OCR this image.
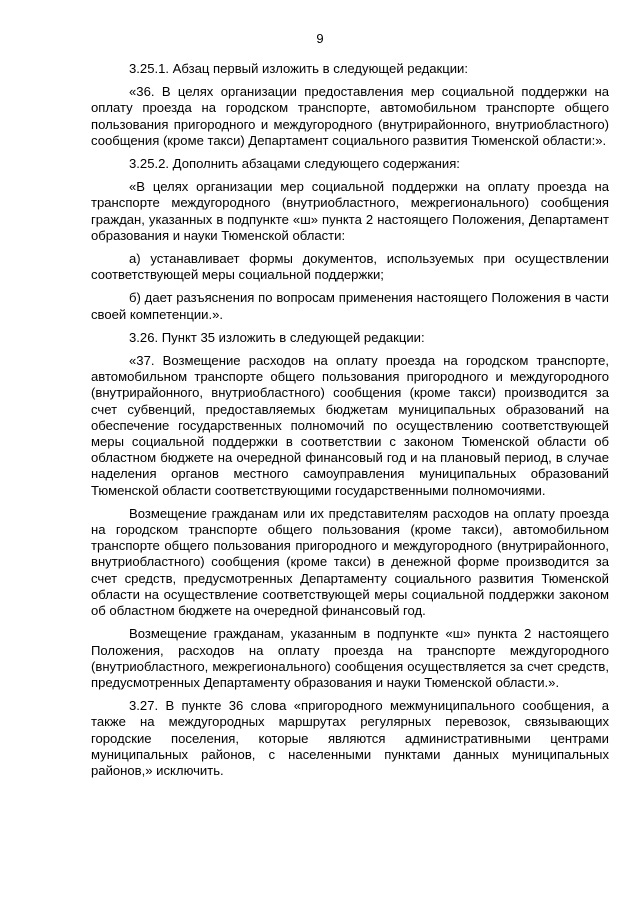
9

3.25.1. Абзац первый изложить в следующей редакции:

«36. В целях организации предоставления мер социальной поддержки на оплату проезда на городском транспорте, автомобильном транспорте общего пользования пригородного и междугородного (внутрирайонного, внутриобластного) сообщения (кроме такси) Департамент социального развития Тюменской области:».

3.25.2. Дополнить абзацами следующего содержания:

«В целях организации мер социальной поддержки на оплату проезда на транспорте междугородного (внутриобластного, межрегионального) сообщения граждан, указанных в подпункте «ш» пункта 2 настоящего Положения, Департамент образования и науки Тюменской области:

а) устанавливает формы документов, используемых при осуществлении соответствующей меры социальной поддержки;

б) дает разъяснения по вопросам применения настоящего Положения в части своей компетенции.».

3.26. Пункт 35 изложить в следующей редакции:

«37. Возмещение расходов на оплату проезда на городском транспорте, автомобильном транспорте общего пользования пригородного и междугородного (внутрирайонного, внутриобластного) сообщения (кроме такси) производится за счет субвенций, предоставляемых бюджетам муниципальных образований на обеспечение государственных полномочий по осуществлению соответствующей меры социальной поддержки в соответствии с законом Тюменской области об областном бюджете на очередной финансовый год и на плановый период, в случае наделения органов местного самоуправления муниципальных образований Тюменской области соответствующими государственными полномочиями.

Возмещение гражданам или их представителям расходов на оплату проезда на городском транспорте общего пользования (кроме такси), автомобильном транспорте общего пользования пригородного и междугородного (внутрирайонного, внутриобластного) сообщения (кроме такси) в денежной форме производится за счет средств, предусмотренных Департаменту социального развития Тюменской области на осуществление соответствующей меры социальной поддержки законом об областном бюджете на очередной финансовый год.

Возмещение гражданам, указанным в подпункте «ш» пункта 2 настоящего Положения, расходов на оплату проезда на транспорте междугородного (внутриобластного, межрегионального) сообщения осуществляется за счет средств, предусмотренных Департаменту образования и науки Тюменской области.».

3.27. В пункте 36 слова «пригородного межмуниципального сообщения, а также на междугородных маршрутах регулярных перевозок, связывающих городские поселения, которые являются административными центрами муниципальных районов, с населенными пунктами данных муниципальных районов,» исключить.
